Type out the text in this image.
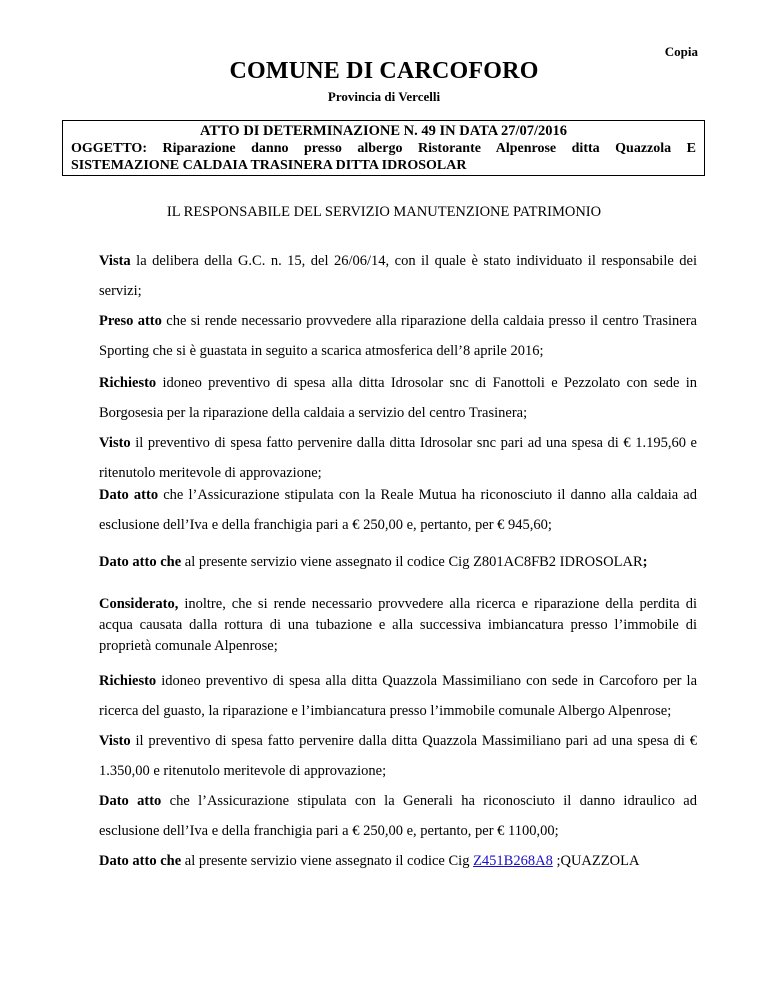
Copia
COMUNE DI CARCOFORO
Provincia di Vercelli
ATTO DI DETERMINAZIONE N. 49 IN DATA 27/07/2016
OGGETTO: Riparazione danno presso albergo Ristorante Alpenrose ditta Quazzola E
SISTEMAZIONE CALDAIA TRASINERA DITTA IDROSOLAR
IL RESPONSABILE DEL SERVIZIO MANUTENZIONE PATRIMONIO
Vista la delibera della G.C. n. 15, del 26/06/14, con il quale è stato individuato il responsabile dei servizi;
Preso atto che si rende necessario provvedere alla riparazione della caldaia presso il centro Trasinera Sporting che si è guastata in seguito a scarica atmosferica dell’8 aprile 2016;
Richiesto idoneo preventivo di spesa alla ditta Idrosolar snc di Fanottoli e Pezzolato con sede in Borgosesia per la riparazione della caldaia a servizio del centro Trasinera;
Visto il preventivo di spesa fatto pervenire dalla ditta Idrosolar snc pari ad una spesa di € 1.195,60 e ritenutolo meritevole di approvazione;
Dato atto che l’Assicurazione stipulata con la Reale Mutua ha riconosciuto il danno alla caldaia ad esclusione dell’Iva e della franchigia pari a € 250,00 e, pertanto, per € 945,60;
Dato atto che al presente servizio viene assegnato il codice Cig Z801AC8FB2 IDROSOLAR;
Considerato, inoltre, che si rende necessario provvedere alla ricerca e riparazione della perdita di acqua causata dalla rottura di una tubazione e alla successiva imbiancatura presso l’immobile di proprietà comunale Alpenrose;
Richiesto idoneo preventivo di spesa alla ditta Quazzola Massimiliano con sede in Carcoforo per la ricerca del guasto, la riparazione e l’imbiancatura presso l’immobile comunale Albergo Alpenrose;
Visto il preventivo di spesa fatto pervenire dalla ditta Quazzola Massimiliano pari ad una spesa di € 1.350,00 e ritenutolo meritevole di approvazione;
Dato atto che l’Assicurazione stipulata con la Generali ha riconosciuto il danno idraulico ad esclusione dell’Iva e della franchigia pari a € 250,00 e, pertanto, per € 1100,00;
Dato atto che al presente servizio viene assegnato il codice Cig Z451B268A8 ;QUAZZOLA
